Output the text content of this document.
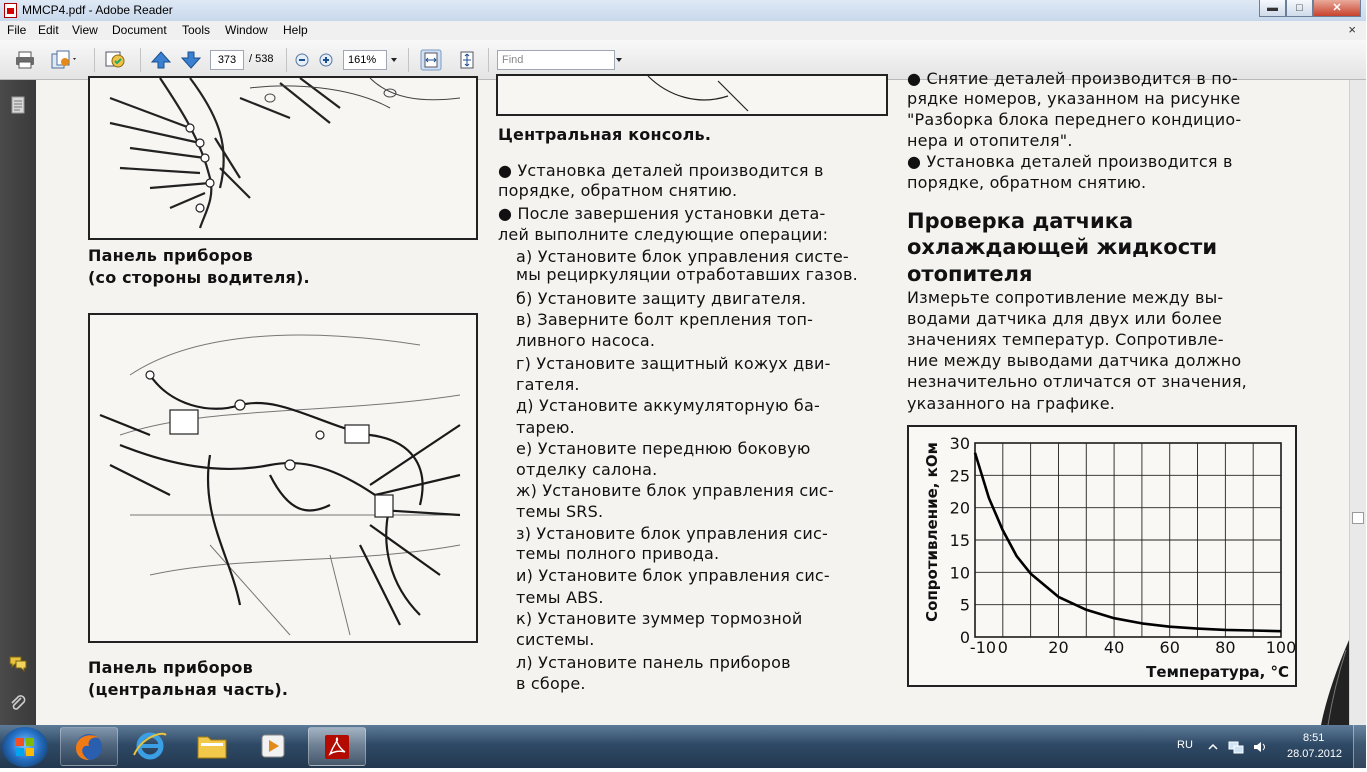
MMCP4.pdf - Adobe Reader	▬	□	✕
File Edit View Document Tools Window Help	×
373	/ 538	161%	Find
Панель приборов
(со стороны водителя).
Панель приборов
(центральная часть).
Центральная консоль.
● Установка деталей производится в
порядке, обратном снятию.
● После завершения установки дета-
лей выполните следующие операции:
а) Установите блок управления систе-
мы рециркуляции отработавших газов.
б) Установите защиту двигателя.
в) Заверните болт крепления топ-
ливного насоса.
г) Установите защитный кожух дви-
гателя.
д) Установите аккумуляторную ба-
тарею.
е) Установите переднюю боковую
отделку салона.
ж) Установите блок управления сис-
темы SRS.
з) Установите блок управления сис-
темы полного привода.
и) Установите блок управления сис-
темы ABS.
к) Установите зуммер тормозной
системы.
л) Установите панель приборов
в сборе.
● Снятие деталей производится в по-
рядке номеров, указанном на рисунке
"Разборка блока переднего кондицио-
нера и отопителя".
● Установка деталей производится в
порядке, обратном снятию.
Проверка датчика
охлаждающей жидкости
отопителя
Измерьте сопротивление между вы-
водами датчика для двух или более
значениях температур. Сопротивле-
ние между выводами датчика должно
незначительно отличатся от значения,
указанного на графике.
0
5
10
15
20
25
30
-10 0	20 40 60 80 100
Сопротивление, кОм
Температура, °С
RU
8:51
28.07.2012
